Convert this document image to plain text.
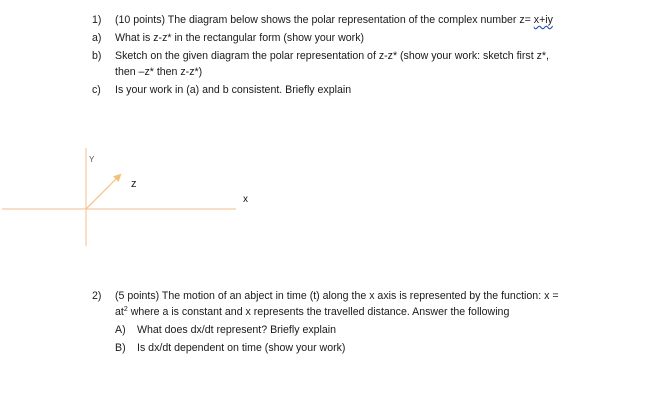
1) (10 points) The diagram below shows the polar representation of the complex number z= x+iy
a) What is z-z* in the rectangular form (show your work)
b) Sketch on the given diagram the polar representation of z-z* (show your work: sketch first z*,
then –z* then z-z*)
c) Is your work in (a) and b consistent. Briefly explain
Y
z
x
2) (5 points) The motion of an abject in time (t) along the x axis is represented by the function: x =
$at^2$ where a is constant and x represents the travelled distance. Answer the following
A) What does dx/dt represent? Briefly explain
B) Is dx/dt dependent on time (show your work)
